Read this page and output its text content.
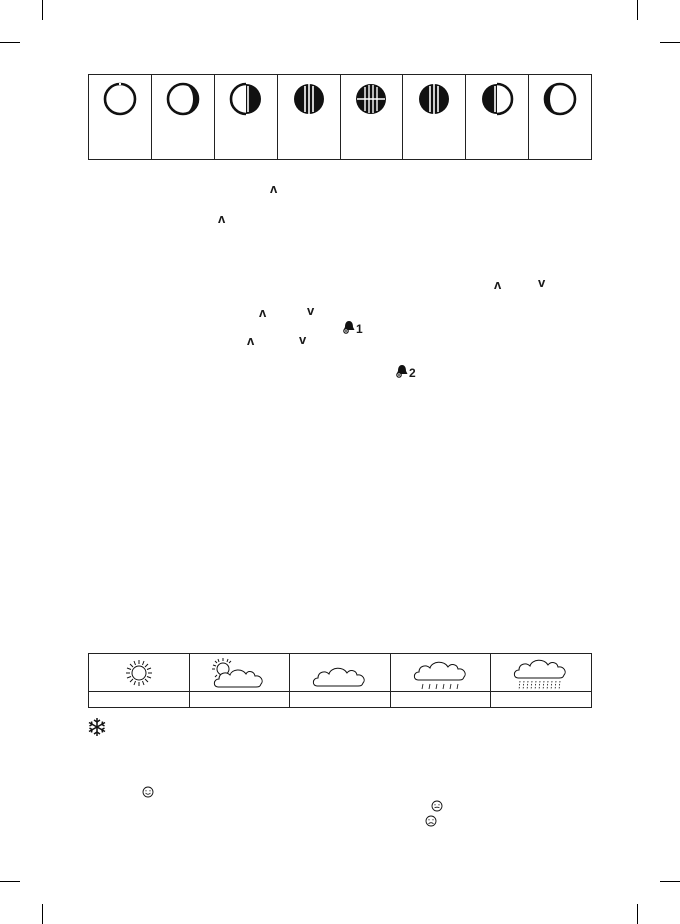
ʌ
ʌ
ʌ	v
ʌ	v
ʌ	v
1
2
